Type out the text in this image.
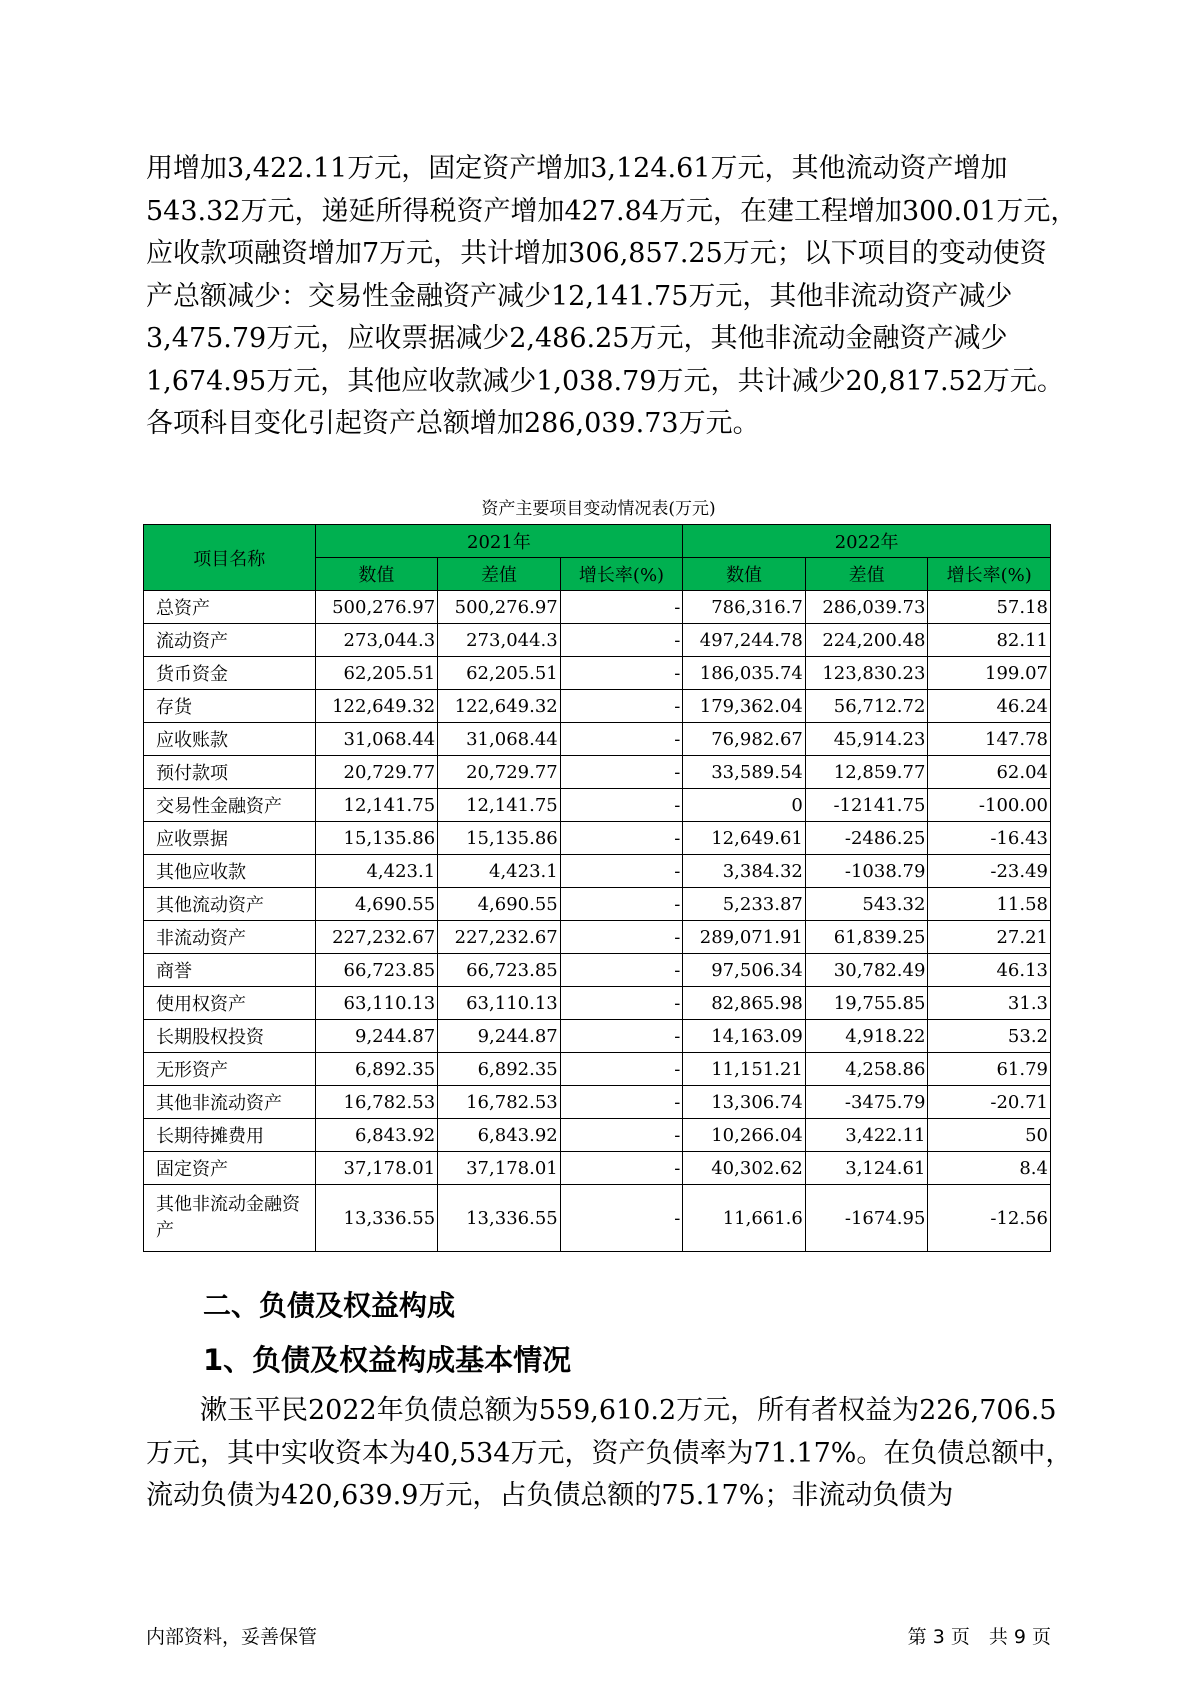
用增加3,422.11万元，固定资产增加3,124.61万元，其他流动资产增加
543.32万元，递延所得税资产增加427.84万元，在建工程增加300.01万元，
应收款项融资增加7万元，共计增加306,857.25万元；以下项目的变动使资
产总额减少：交易性金融资产减少12,141.75万元，其他非流动资产减少
3,475.79万元，应收票据减少2,486.25万元，其他非流动金融资产减少
1,674.95万元，其他应收款减少1,038.79万元，共计减少20,817.52万元。
各项科目变化引起资产总额增加286,039.73万元。
资产主要项目变动情况表(万元)
项目名称	2021年			2022年		
	数值	差值	增长率(%)	数值	差值	增长率(%)
总资产	500,276.97	500,276.97	-	786,316.7	286,039.73	57.18
流动资产	273,044.3	273,044.3	-	497,244.78	224,200.48	82.11
货币资金	62,205.51	62,205.51	-	186,035.74	123,830.23	199.07
存货	122,649.32	122,649.32	-	179,362.04	56,712.72	46.24
应收账款	31,068.44	31,068.44	-	76,982.67	45,914.23	147.78
预付款项	20,729.77	20,729.77	-	33,589.54	12,859.77	62.04
交易性金融资产	12,141.75	12,141.75	-	0	-12141.75	-100.00
应收票据	15,135.86	15,135.86	-	12,649.61	-2486.25	-16.43
其他应收款	4,423.1	4,423.1	-	3,384.32	-1038.79	-23.49
其他流动资产	4,690.55	4,690.55	-	5,233.87	543.32	11.58
非流动资产	227,232.67	227,232.67	-	289,071.91	61,839.25	27.21
商誉	66,723.85	66,723.85	-	97,506.34	30,782.49	46.13
使用权资产	63,110.13	63,110.13	-	82,865.98	19,755.85	31.3
长期股权投资	9,244.87	9,244.87	-	14,163.09	4,918.22	53.2
无形资产	6,892.35	6,892.35	-	11,151.21	4,258.86	61.79
其他非流动资产	16,782.53	16,782.53	-	13,306.74	-3475.79	-20.71
长期待摊费用	6,843.92	6,843.92	-	10,266.04	3,422.11	50
固定资产	37,178.01	37,178.01	-	40,302.62	3,124.61	8.4
其他非流动金融资产	13,336.55	13,336.55	-	11,661.6	-1674.95	-12.56
二、负债及权益构成
1、负债及权益构成基本情况
　　漱玉平民2022年负债总额为559,610.2万元，所有者权益为226,706.5
万元，其中实收资本为40,534万元，资产负债率为71.17%。在负债总额中，
流动负债为420,639.9万元，占负债总额的75.17%；非流动负债为
内部资料，妥善保管	第 3 页　共 9 页
